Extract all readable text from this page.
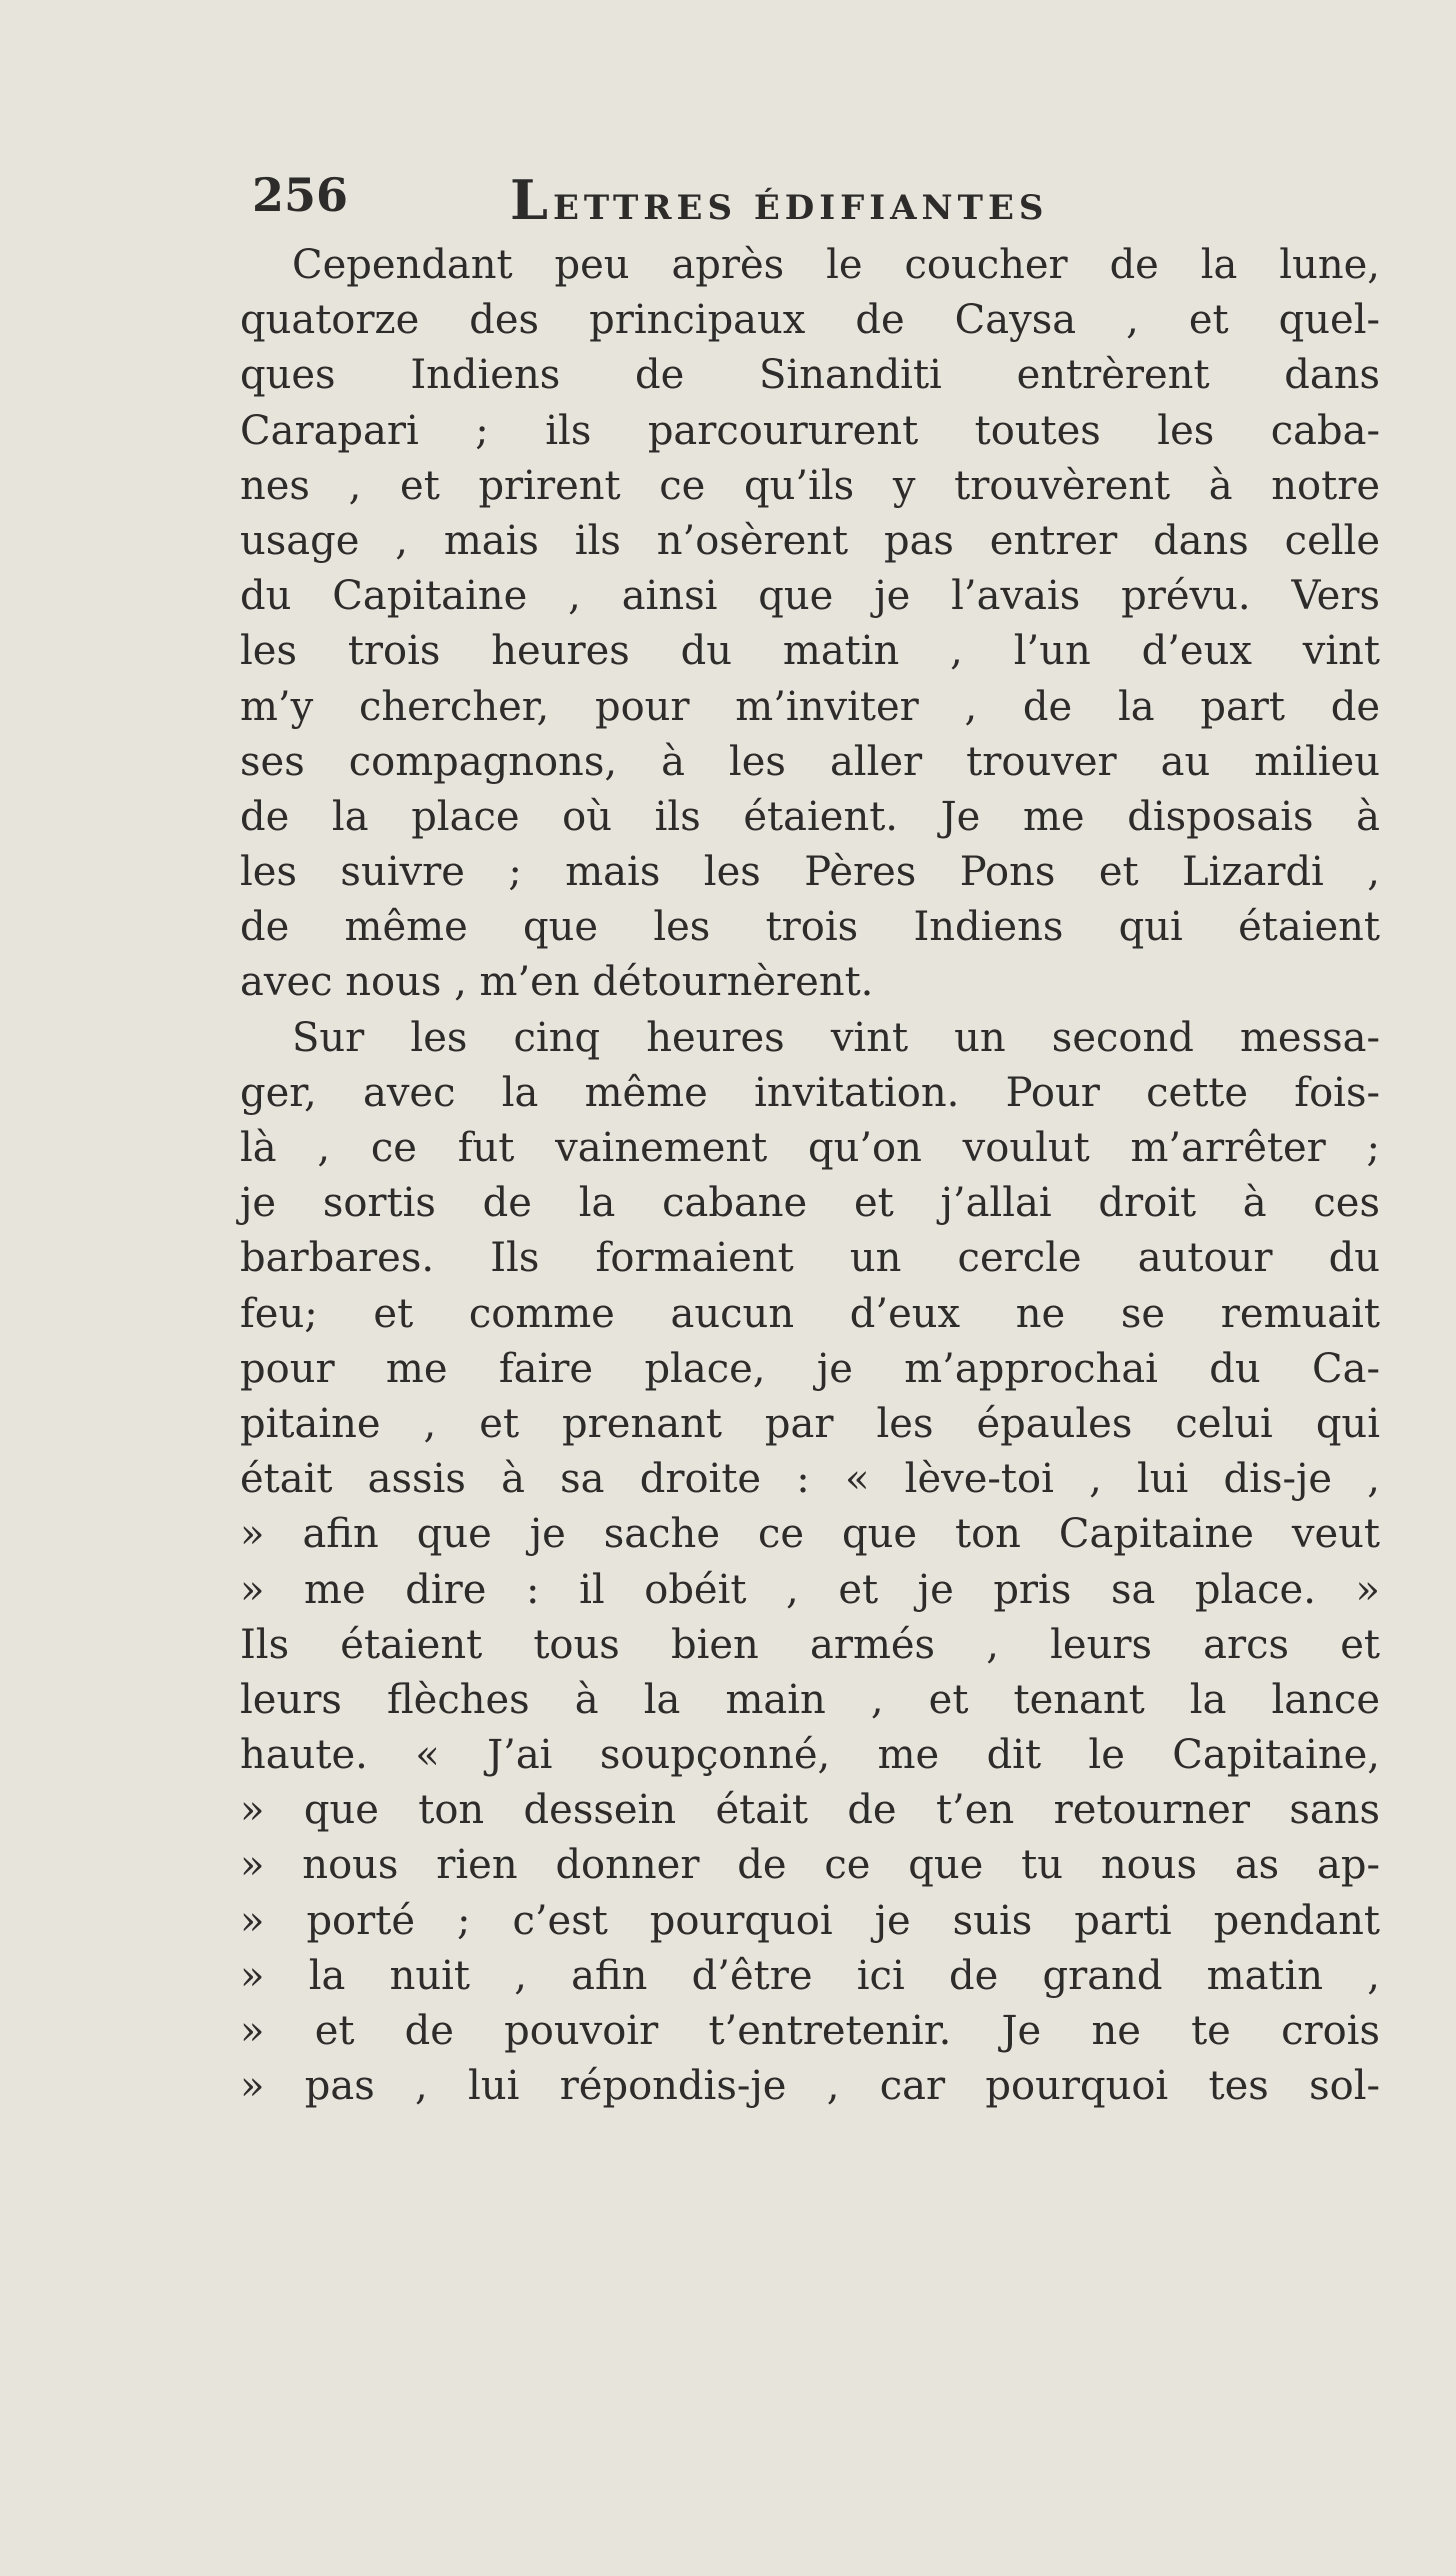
256	LETTRES ÉDIFIANTES
Cependant peu après le coucher de la lune,
quatorze des principaux de Caysa , et quel-
ques Indiens de Sinanditi entrèrent dans
Carapari ; ils parcoururent toutes les caba-
nes , et prirent ce qu’ils y trouvèrent à notre
usage , mais ils n’osèrent pas entrer dans celle
du Capitaine , ainsi que je l’avais prévu. Vers
les trois heures du matin , l’un d’eux vint
m’y chercher, pour m’inviter , de la part de
ses compagnons, à les aller trouver au milieu
de la place où ils étaient. Je me disposais à
les suivre ; mais les Pères Pons et Lizardi ,
de même que les trois Indiens qui étaient
avec nous , m’en détournèrent.
Sur les cinq heures vint un second messa-
ger, avec la même invitation. Pour cette fois-
là , ce fut vainement qu’on voulut m’arrêter ;
je sortis de la cabane et j’allai droit à ces
barbares. Ils formaient un cercle autour du
feu; et comme aucun d’eux ne se remuait
pour me faire place, je m’approchai du Ca-
pitaine , et prenant par les épaules celui qui
était assis à sa droite : « lève-toi , lui dis-je ,
» afin que je sache ce que ton Capitaine veut
» me dire : il obéit , et je pris sa place. »
Ils étaient tous bien armés , leurs arcs et
leurs flèches à la main , et tenant la lance
haute. « J’ai soupçonné, me dit le Capitaine,
» que ton dessein était de t’en retourner sans
» nous rien donner de ce que tu nous as ap-
» porté ; c’est pourquoi je suis parti pendant
» la nuit , afin d’être ici de grand matin ,
» et de pouvoir t’entretenir. Je ne te crois
» pas , lui répondis-je , car pourquoi tes sol-
